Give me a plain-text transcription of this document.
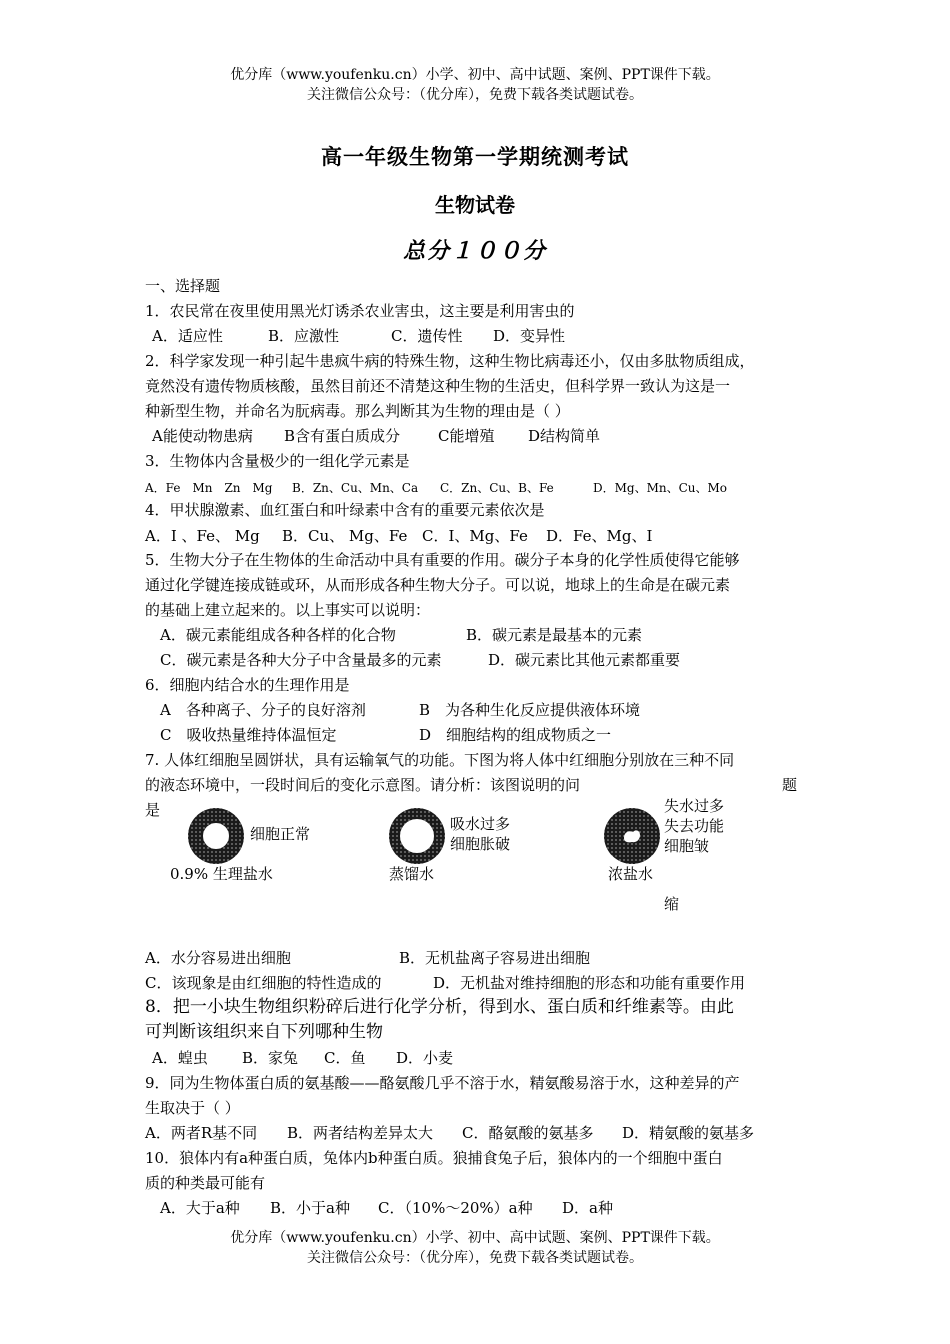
优分库（www.youfenku.cn）小学、初中、高中试题、案例、PPT课件下载。
关注微信公众号：（优分库），免费下载各类试题试卷。
高一年级生物第一学期统测考试
生物试卷
总分１００分
一、选择题
1．农民常在夜里使用黑光灯诱杀农业害虫，这主要是利用害虫的
A．适应性	B．应激性	C．遗传性 D．变异性
2．科学家发现一种引起牛患疯牛病的特殊生物，这种生物比病毒还小，仅由多肽物质组成，
竟然没有遗传物质核酸，虽然目前还不清楚这种生物的生活史，但科学界一致认为这是一
种新型生物，并命名为朊病毒。那么判断其为生物的理由是（ ）
A能使动物患病 B含有蛋白质成分	C能增殖 D结构简单
3．生物体内含量极少的一组化学元素是
A．Fe　Mn　Zn　Mg B．Zn、Cu、Mn、Ca C．Zn、Cu、B、Fe	D．Mg、Mn、Cu、Mo
4．甲状腺激素、血红蛋白和叶绿素中含有的重要元素依次是
A．I 、Fe、 Mg B．Cu、 Mg、Fe C．I、Mg、Fe D．Fe、Mg、I
5．生物大分子在生物体的生命活动中具有重要的作用。碳分子本身的化学性质使得它能够
通过化学键连接成链或环，从而形成各种生物大分子。可以说，地球上的生命是在碳元素
的基础上建立起来的。以上事实可以说明：
A．碳元素能组成各种各样的化合物	B．碳元素是最基本的元素
C．碳元素是各种大分子中含量最多的元素	D．碳元素比其他元素都重要
6．细胞内结合水的生理作用是
A　各种离子、分子的良好溶剂	B　为各种生化反应提供液体环境
C　吸收热量维持体温恒定	D　细胞结构的组成物质之一
7. 人体红细胞呈圆饼状，具有运输氧气的功能。下图为将人体中红细胞分别放在三种不同
的液态环境中，一段时间后的变化示意图。请分析：该图说明的问	题
是
细胞正常
0.9% 生理盐水
吸水过多
细胞胀破
蒸馏水
失水过多
失去功能
细胞皱
浓盐水
缩
A．水分容易进出细胞	B．无机盐离子容易进出细胞
C．该现象是由红细胞的特性造成的	D．无机盐对维持细胞的形态和功能有重要作用
8．把一小块生物组织粉碎后进行化学分析，得到水、蛋白质和纤维素等。由此
可判断该组织来自下列哪种生物
A．蝗虫 B．家兔 C．鱼 D．小麦
9．同为生物体蛋白质的氨基酸——酪氨酸几乎不溶于水，精氨酸易溶于水，这种差异的产
生取决于（ ）
A．两者R基不同 B．两者结构差异太大 C．酪氨酸的氨基多 D．精氨酸的氨基多
10．狼体内有a种蛋白质，兔体内b种蛋白质。狼捕食兔子后，狼体内的一个细胞中蛋白
质的种类最可能有
A．大于a种 B．小于a种 C．（10%～20%）a种 D．a种
优分库（www.youfenku.cn）小学、初中、高中试题、案例、PPT课件下载。
关注微信公众号：（优分库），免费下载各类试题试卷。
